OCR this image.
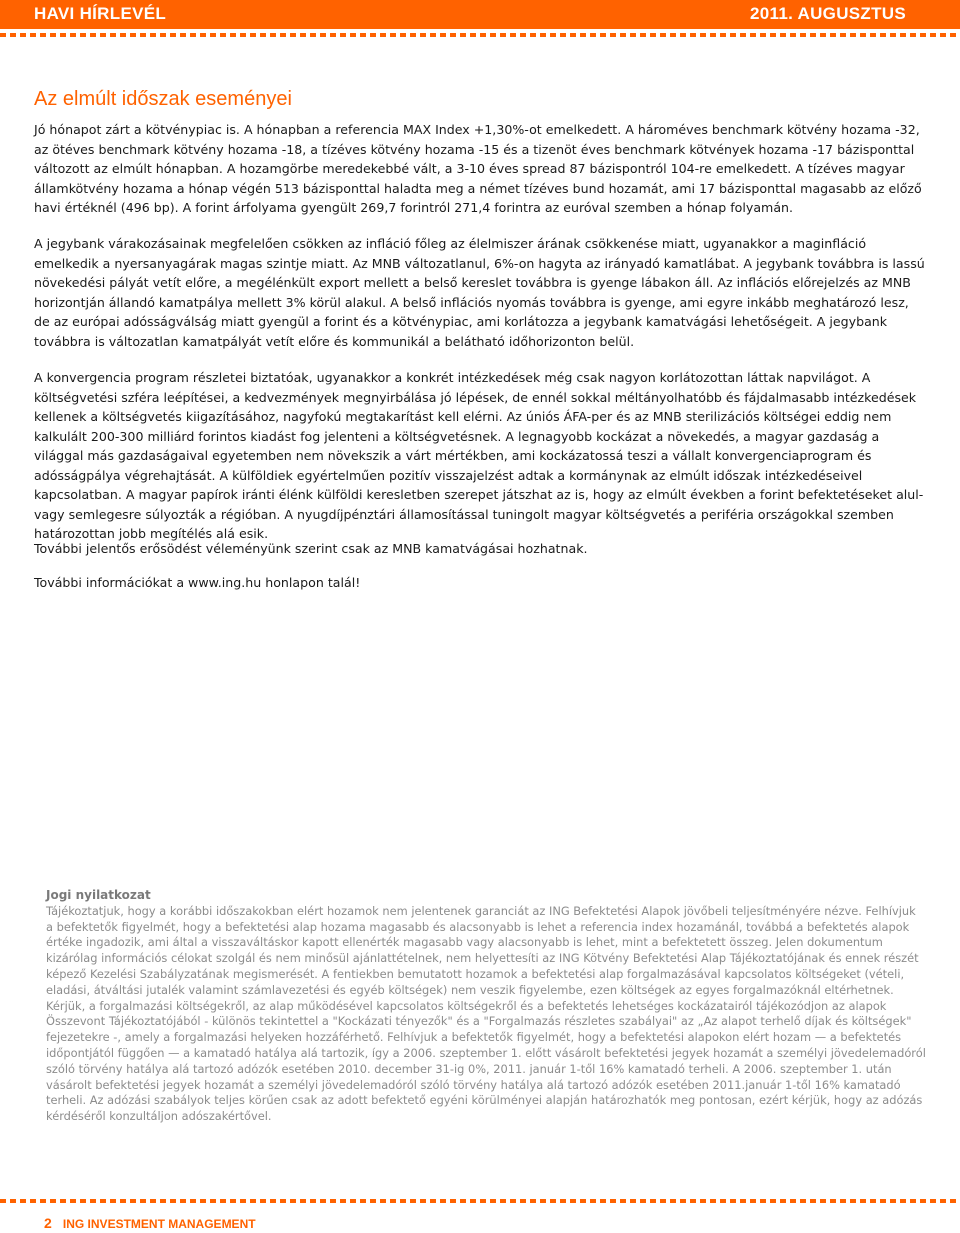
HAVI HÍRLEVÉL	2011. AUGUSZTUS
Az elmúlt időszak eseményei

Jó hónapot zárt a kötvénypiac is. A hónapban a referencia MAX Index +1,30%-ot emelkedett. A hároméves benchmark kötvény hozama -32, az ötéves benchmark kötvény hozama -18, a tízéves kötvény hozama -15 és a tizenöt éves benchmark kötvények hozama -17 bázisponttal változott az elmúlt hónapban. A hozamgörbe meredekebbé vált, a 3-10 éves spread 87 bázispontról 104-re emelkedett. A tízéves magyar államkötvény hozama a hónap végén 513 bázisponttal haladta meg a német tízéves bund hozamát, ami 17 bázisponttal magasabb az előző havi értéknél (496 bp). A forint árfolyama gyengült 269,7 forintról 271,4 forintra az euróval szemben a hónap folyamán.

A jegybank várakozásainak megfelelően csökken az infláció főleg az élelmiszer árának csökkenése miatt, ugyanakkor a maginfláció emelkedik a nyersanyagárak magas szintje miatt. Az MNB változatlanul, 6%-on hagyta az irányadó kamatlábat. A jegybank továbbra is lassú növekedési pályát vetít előre, a megélénkült export mellett a belső kereslet továbbra is gyenge lábakon áll. Az inflációs előrejelzés az MNB horizontján állandó kamatpálya mellett 3% körül alakul. A belső inflációs nyomás továbbra is gyenge, ami egyre inkább meghatározó lesz, de az európai adósságválság miatt gyengül a forint és a kötvénypiac, ami korlátozza a jegybank kamatvágási lehetőségeit. A jegybank továbbra is változatlan kamatpályát vetít előre és kommunikál a belátható időhorizonton belül.

A konvergencia program részletei biztatóak, ugyanakkor a konkrét intézkedések még csak nagyon korlátozottan láttak napvilágot. A költségvetési szféra leépítései, a kedvezmények megnyirbálása jó lépések, de ennél sokkal méltányolhatóbb és fájdalmasabb intézkedések kellenek a költségvetés kiigazításához, nagyfokú megtakarítást kell elérni. Az úniós ÁFA-per és az MNB sterilizációs költségei eddig nem kalkulált 200-300 milliárd forintos kiadást fog jelenteni a költségvetésnek. A legnagyobb kockázat a növekedés, a magyar gazdaság a világgal más gazdaságaival egyetemben nem növekszik a várt mértékben, ami kockázatossá teszi a vállalt konvergenciaprogram és adósságpálya végrehajtását. A külföldiek egyértelműen pozitív visszajelzést adtak a kormánynak az elmúlt időszak intézkedéseivel kapcsolatban. A magyar papírok iránti élénk külföldi keresletben szerepet játszhat az is, hogy az elmúlt években a forint befektetéseket alul- vagy semlegesre súlyozták a régióban. A nyugdíjpénztári államosítással tuningolt magyar költségvetés a periféria országokkal szemben határozottan jobb megítélés alá esik.

További jelentős erősödést véleményünk szerint csak az MNB kamatvágásai hozhatnak.

További információkat a www.ing.hu honlapon talál!

Jogi nyilatkozat
Tájékoztatjuk, hogy a korábbi időszakokban elért hozamok nem jelentenek garanciát az ING Befektetési Alapok jövőbeli teljesítményére nézve. Felhívjuk a befektetők figyelmét, hogy a befektetési alap hozama magasabb és alacsonyabb is lehet a referencia index hozamánál, továbbá a befektetés alapok értéke ingadozik, ami által a visszaváltáskor kapott ellenérték magasabb vagy alacsonyabb is lehet, mint a befektetett összeg. Jelen dokumentum kizárólag információs célokat szolgál és nem minősül ajánlattételnek, nem helyettesíti az ING Kötvény Befektetési Alap Tájékoztatójának és ennek részét képező Kezelési Szabályzatának megismerését. A fentiekben bemutatott hozamok a befektetési alap forgalmazásával kapcsolatos költségeket (vételi, eladási, átváltási jutalék valamint számlavezetési és egyéb költségek) nem veszik figyelembe, ezen költségek az egyes forgalmazóknál eltérhetnek. Kérjük, a forgalmazási költségekről, az alap működésével kapcsolatos költségekről és a befektetés lehetséges kockázatairól tájékozódjon az alapok Összevont Tájékoztatójából - különös tekintettel a "Kockázati tényezők" és a "Forgalmazás részletes szabályai" az „Az alapot terhelő díjak és költségek" fejezetekre -, amely a forgalmazási helyeken hozzáférhető. Felhívjuk a befektetők figyelmét, hogy a befektetési alapokon elért hozam — a befektetés időpontjától függően — a kamatadó hatálya alá tartozik, így a 2006. szeptember 1. előtt vásárolt befektetési jegyek hozamát a személyi jövedelemadóról szóló törvény hatálya alá tartozó adózók esetében 2010. december 31-ig 0%, 2011. január 1-től 16% kamatadó terheli. A 2006. szeptember 1. után vásárolt befektetési jegyek hozamát a személyi jövedelemadóról szóló törvény hatálya alá tartozó adózók esetében 2011.január 1-től 16% kamatadó terheli. Az adózási szabályok teljes körűen csak az adott befektető egyéni körülményei alapján határozhatók meg pontosan, ezért kérjük, hogy az adózás kérdéséről konzultáljon adószakértővel.
2 ING INVESTMENT MANAGEMENT
